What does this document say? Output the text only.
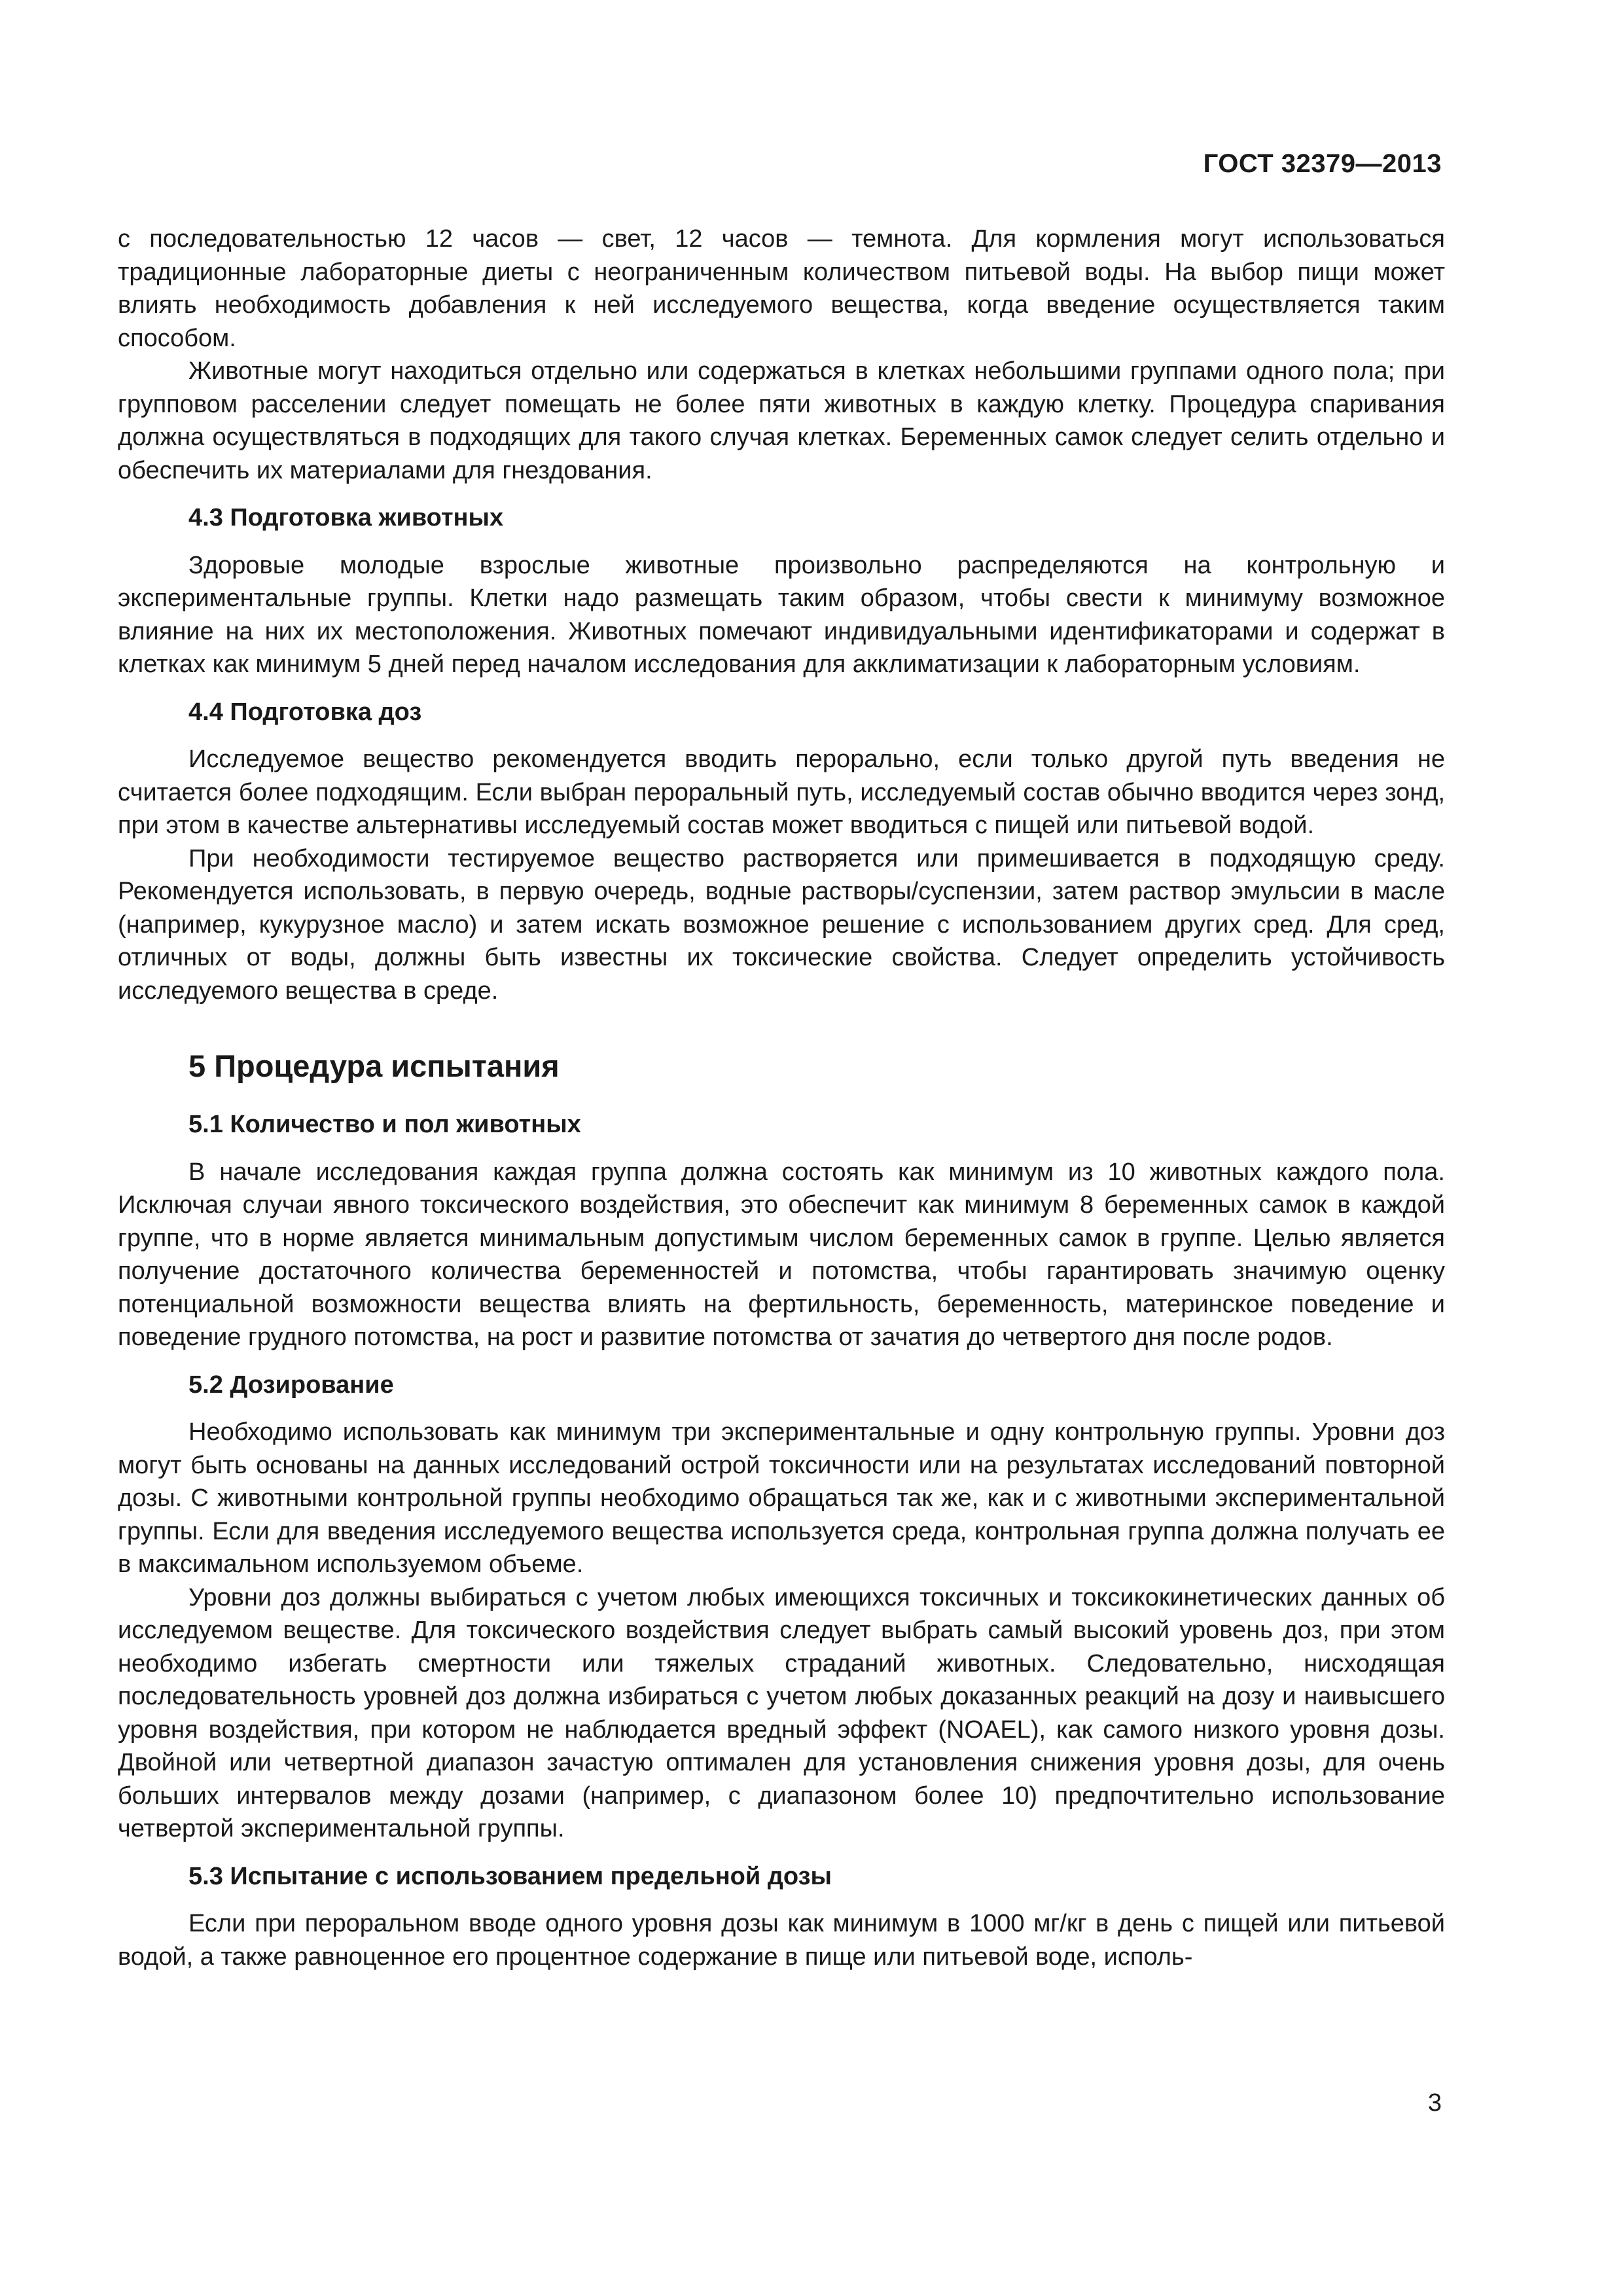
ГОСТ 32379—2013

с последовательностью 12 часов — свет, 12 часов — темнота. Для кормления могут использоваться традиционные лабораторные диеты с неограниченным количеством питьевой воды. На выбор пищи может влиять необходимость добавления к ней исследуемого вещества, когда введение осуществляется таким способом.

Животные могут находиться отдельно или содержаться в клетках небольшими группами одного пола; при групповом расселении следует помещать не более пяти животных в каждую клетку. Процедура спаривания должна осуществляться в подходящих для такого случая клетках. Беременных самок следует селить отдельно и обеспечить их материалами для гнездования.

4.3 Подготовка животных

Здоровые молодые взрослые животные произвольно распределяются на контрольную и экспериментальные группы. Клетки надо размещать таким образом, чтобы свести к минимуму возможное влияние на них их местоположения. Животных помечают индивидуальными идентификаторами и содержат в клетках как минимум 5 дней перед началом исследования для акклиматизации к лабораторным условиям.

4.4 Подготовка доз

Исследуемое вещество рекомендуется вводить перорально, если только другой путь введения не считается более подходящим. Если выбран пероральный путь, исследуемый состав обычно вводится через зонд, при этом в качестве альтернативы исследуемый состав может вводиться с пищей или питьевой водой.

При необходимости тестируемое вещество растворяется или примешивается в подходящую среду. Рекомендуется использовать, в первую очередь, водные растворы/суспензии, затем раствор эмульсии в масле (например, кукурузное масло) и затем искать возможное решение с использованием других сред. Для сред, отличных от воды, должны быть известны их токсические свойства. Следует определить устойчивость исследуемого вещества в среде.

5 Процедура испытания
5.1 Количество и пол животных

В начале исследования каждая группа должна состоять как минимум из 10 животных каждого пола. Исключая случаи явного токсического воздействия, это обеспечит как минимум 8 беременных самок в каждой группе, что в норме является минимальным допустимым числом беременных самок в группе. Целью является получение достаточного количества беременностей и потомства, чтобы гарантировать значимую оценку потенциальной возможности вещества влиять на фертильность, беременность, материнское поведение и поведение грудного потомства, на рост и развитие потомства от зачатия до четвертого дня после родов.

5.2 Дозирование

Необходимо использовать как минимум три экспериментальные и одну контрольную группы. Уровни доз могут быть основаны на данных исследований острой токсичности или на результатах исследований повторной дозы. С животными контрольной группы необходимо обращаться так же, как и с животными экспериментальной группы. Если для введения исследуемого вещества используется среда, контрольная группа должна получать ее в максимальном используемом объеме.

Уровни доз должны выбираться с учетом любых имеющихся токсичных и токсикокинетических данных об исследуемом веществе. Для токсического воздействия следует выбрать самый высокий уровень доз, при этом необходимо избегать смертности или тяжелых страданий животных. Следовательно, нисходящая последовательность уровней доз должна избираться с учетом любых доказанных реакций на дозу и наивысшего уровня воздействия, при котором не наблюдается вредный эффект (NOAEL), как самого низкого уровня дозы. Двойной или четвертной диапазон зачастую оптимален для установления снижения уровня дозы, для очень больших интервалов между дозами (например, с диапазоном более 10) предпочтительно использование четвертой экспериментальной группы.

5.3 Испытание с использованием предельной дозы

Если при пероральном вводе одного уровня дозы как минимум в 1000 мг/кг в день с пищей или питьевой водой, а также равноценное его процентное содержание в пище или питьевой воде, исполь-

3
